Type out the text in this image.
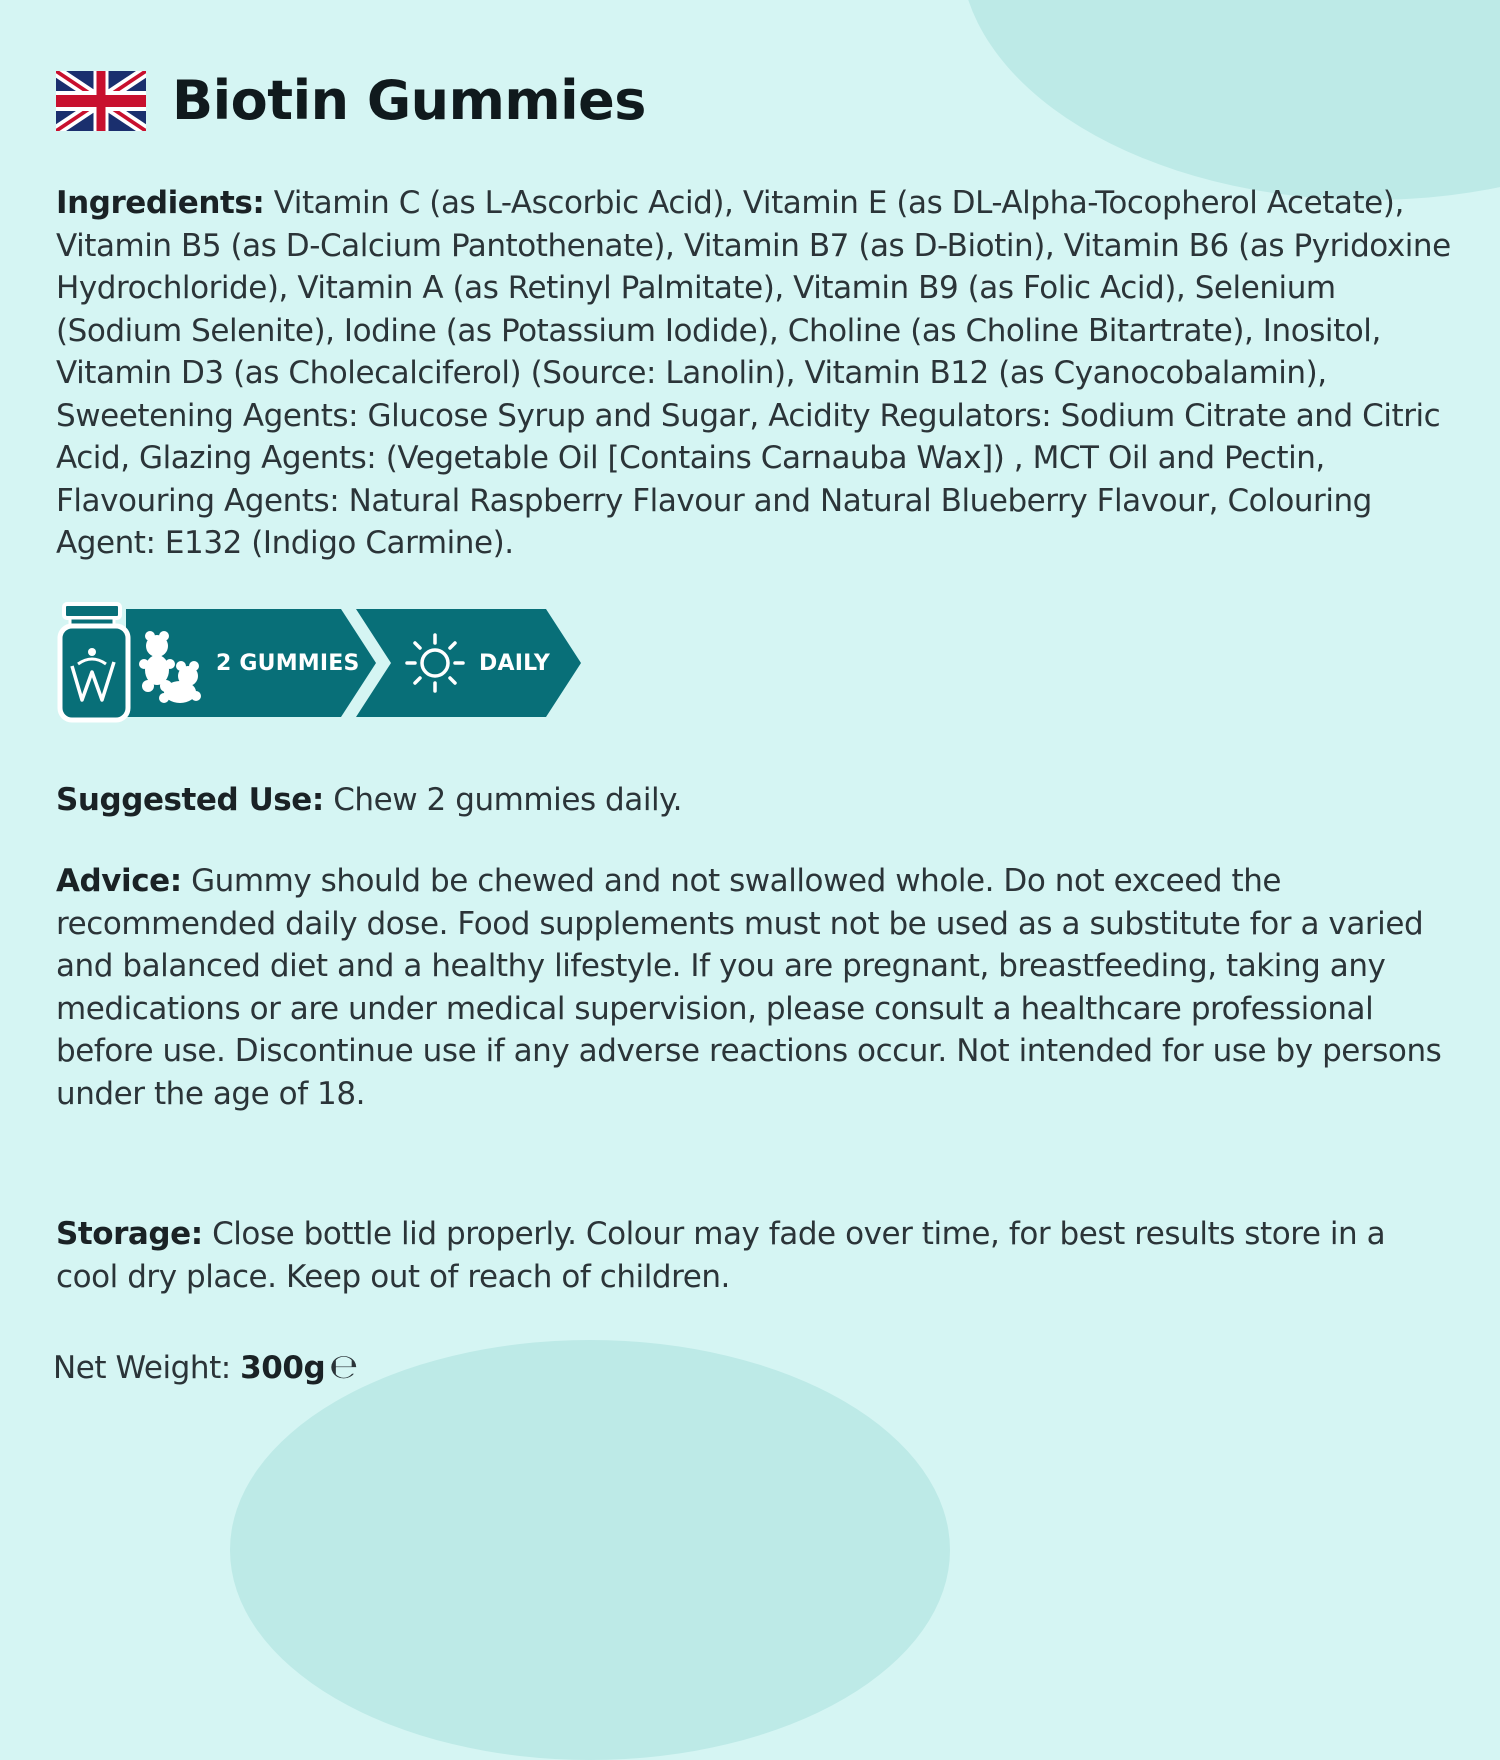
Biotin Gummies

Ingredients: Vitamin C (as L-Ascorbic Acid), Vitamin E (as DL-Alpha-Tocopherol Acetate), Vitamin B5 (as D-Calcium Pantothenate), Vitamin B7 (as D-Biotin), Vitamin B6 (as Pyridoxine Hydrochloride), Vitamin A (as Retinyl Palmitate), Vitamin B9 (as Folic Acid), Selenium (Sodium Selenite), Iodine (as Potassium Iodide), Choline (as Choline Bitartrate), Inositol, Vitamin D3 (as Cholecalciferol) (Source: Lanolin), Vitamin B12 (as Cyanocobalamin), Sweetening Agents: Glucose Syrup and Sugar, Acidity Regulators: Sodium Citrate and Citric Acid, Glazing Agents: (Vegetable Oil [Contains Carnauba Wax]) , MCT Oil and Pectin, Flavouring Agents: Natural Raspberry Flavour and Natural Blueberry Flavour, Colouring Agent: E132 (Indigo Carmine).

2 GUMMIES	DAILY

Suggested Use: Chew 2 gummies daily.

Advice: Gummy should be chewed and not swallowed whole. Do not exceed the recommended daily dose. Food supplements must not be used as a substitute for a varied and balanced diet and a healthy lifestyle. If you are pregnant, breastfeeding, taking any medications or are under medical supervision, please consult a healthcare professional before use. Discontinue use if any adverse reactions occur. Not intended for use by persons under the age of 18.

Storage: Close bottle lid properly. Colour may fade over time, for best results store in a cool dry place. Keep out of reach of children.

Net Weight: 300g ℮
